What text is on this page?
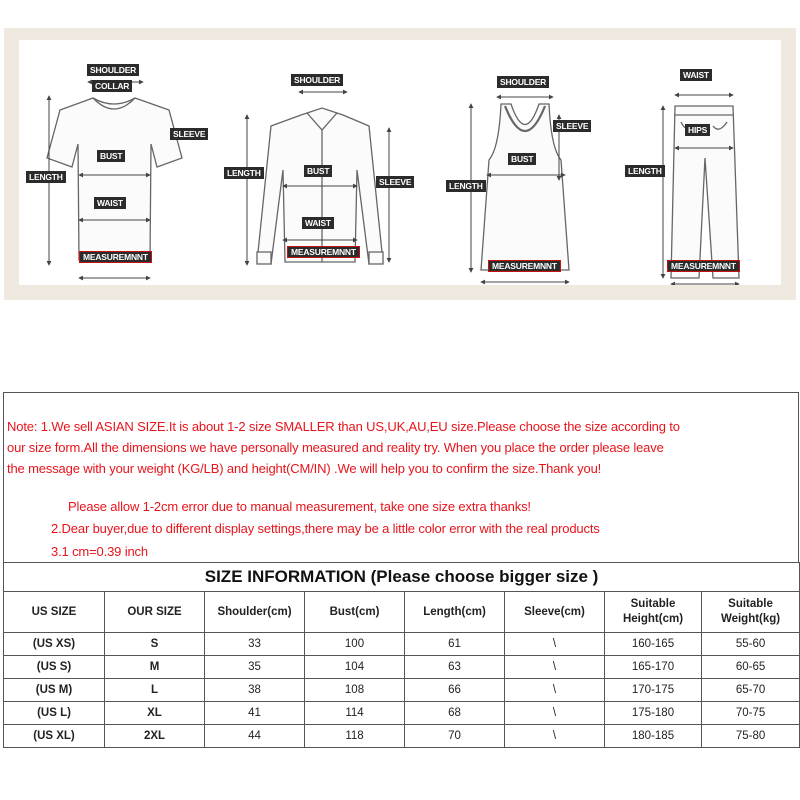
SHOULDER
COLLAR
SLEEVE
BUST
LENGTH
WAIST
MEASUREMNNT
SHOULDER
BUST
LENGTH
SLEEVE
WAIST
MEASUREMNNT
SHOULDER
SLEEVE
BUST
LENGTH
MEASUREMNNT
WAIST
HIPS
LENGTH
MEASUREMNNT
Note: 1.We sell ASIAN SIZE.It is about 1-2 size SMALLER than US,UK,AU,EU size.Please choose the size according to
our size form.All the dimensions we have personally measured and reality try. When you place the order please leave
the message with your weight (KG/LB) and height(CM/IN) .We will help you to confirm the size.Thank you!
Please allow 1-2cm error due to manual measurement, take one size extra thanks!
2.Dear buyer,due to different display settings,there may be a little color error with the real products
3.1 cm=0.39 inch
SIZE INFORMATION (Please choose bigger size )							
US SIZE	OUR SIZE	Shoulder(cm)	Bust(cm)	Length(cm)	Sleeve(cm)	Suitable Height(cm)	Suitable Weight(kg)
(US XS)	S	33	100	61	\	160-165	55-60
(US S)	M	35	104	63	\	165-170	60-65
(US M)	L	38	108	66	\	170-175	65-70
(US L)	XL	41	114	68	\	175-180	70-75
(US XL)	2XL	44	118	70	\	180-185	75-80
